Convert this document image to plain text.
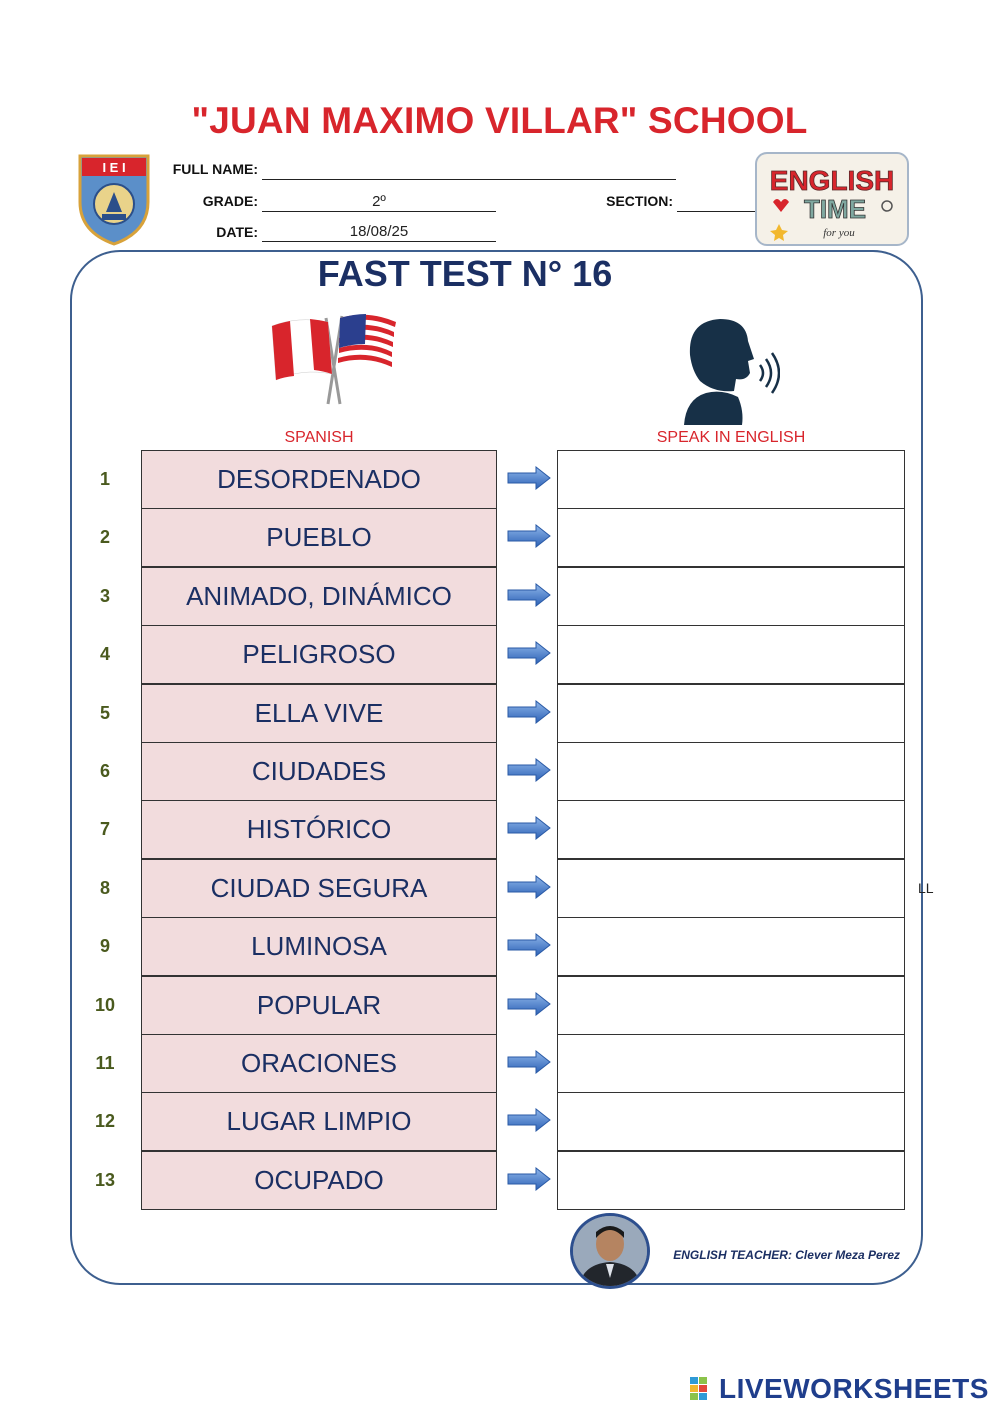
"JUAN MAXIMO VILLAR" SCHOOL
I E I	FULL NAME:
GRADE:	2º	SECTION:
DATE:	18/08/25
ENGLISH
TIME
for you
FAST TEST N° 16
SPANISH	SPEAK IN ENGLISH
1	DESORDENADO
2	PUEBLO
3	ANIMADO, DINÁMICO
4	PELIGROSO
5	ELLA VIVE
6	CIUDADES
7	HISTÓRICO
8	CIUDAD SEGURA
9	LUMINOSA
10	POPULAR
11	ORACIONES
12	LUGAR LIMPIO
13	OCUPADO
LL
ENGLISH TEACHER: Clever Meza Perez
LIVEWORKSHEETS
